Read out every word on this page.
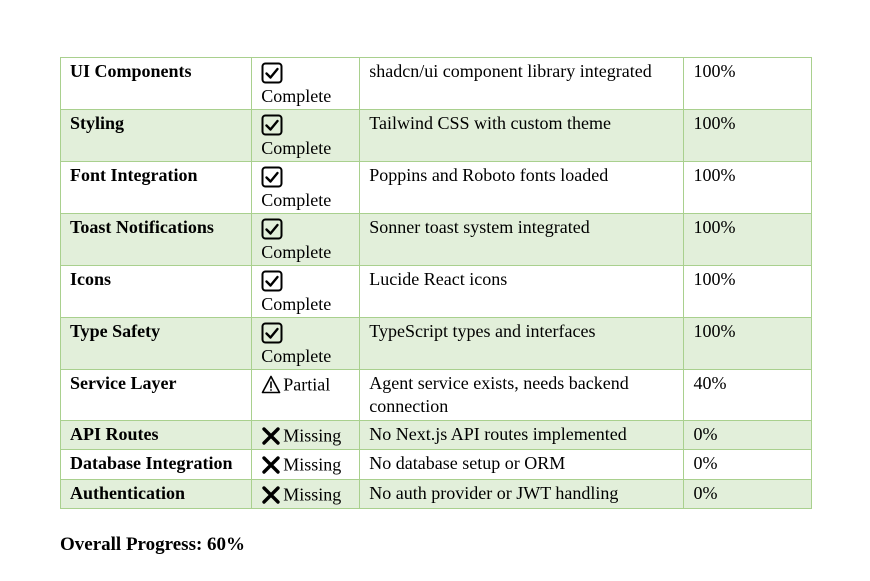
UI Components	Complete	shadcn/ui component library integrated	100%
Styling	Complete	Tailwind CSS with custom theme	100%
Font Integration	Complete	Poppins and Roboto fonts loaded	100%
Toast Notifications	Complete	Sonner toast system integrated	100%
Icons	Complete	Lucide React icons	100%
Type Safety	Complete	TypeScript types and interfaces	100%
Service Layer	Partial	Agent service exists, needs backend connection	40%
API Routes	Missing	No Next.js API routes implemented	0%
Database Integration	Missing	No database setup or ORM	0%
Authentication	Missing	No auth provider or JWT handling	0%
Overall Progress: 60%
